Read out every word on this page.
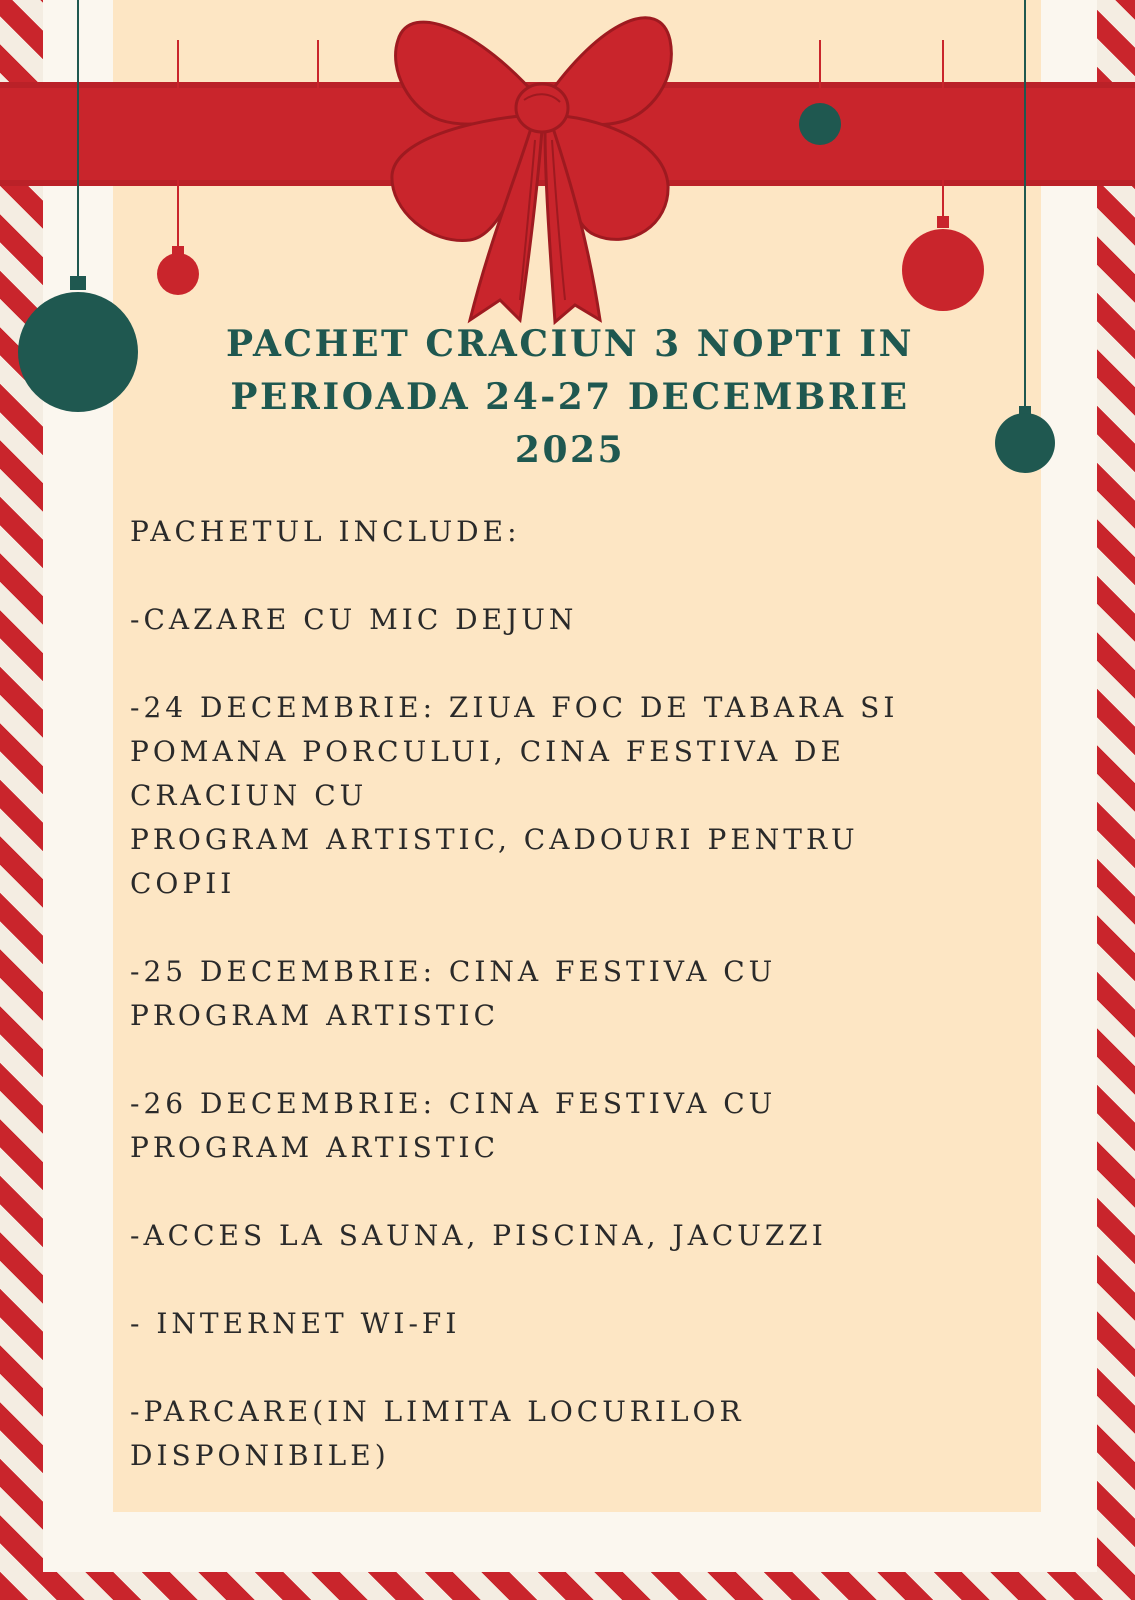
PACHET CRACIUN 3 NOPTI IN
PERIOADA 24-27 DECEMBRIE
2025

PACHETUL INCLUDE:

-CAZARE CU MIC DEJUN

-24 DECEMBRIE: ZIUA FOC DE TABARA SI

POMANA PORCULUI, CINA FESTIVA DE

CRACIUN CU

PROGRAM ARTISTIC, CADOURI PENTRU

COPII

-25 DECEMBRIE: CINA FESTIVA CU

PROGRAM ARTISTIC

-26 DECEMBRIE: CINA FESTIVA CU

PROGRAM ARTISTIC

-ACCES LA SAUNA, PISCINA, JACUZZI

- INTERNET WI-FI

-PARCARE(IN LIMITA LOCURILOR

DISPONIBILE)
